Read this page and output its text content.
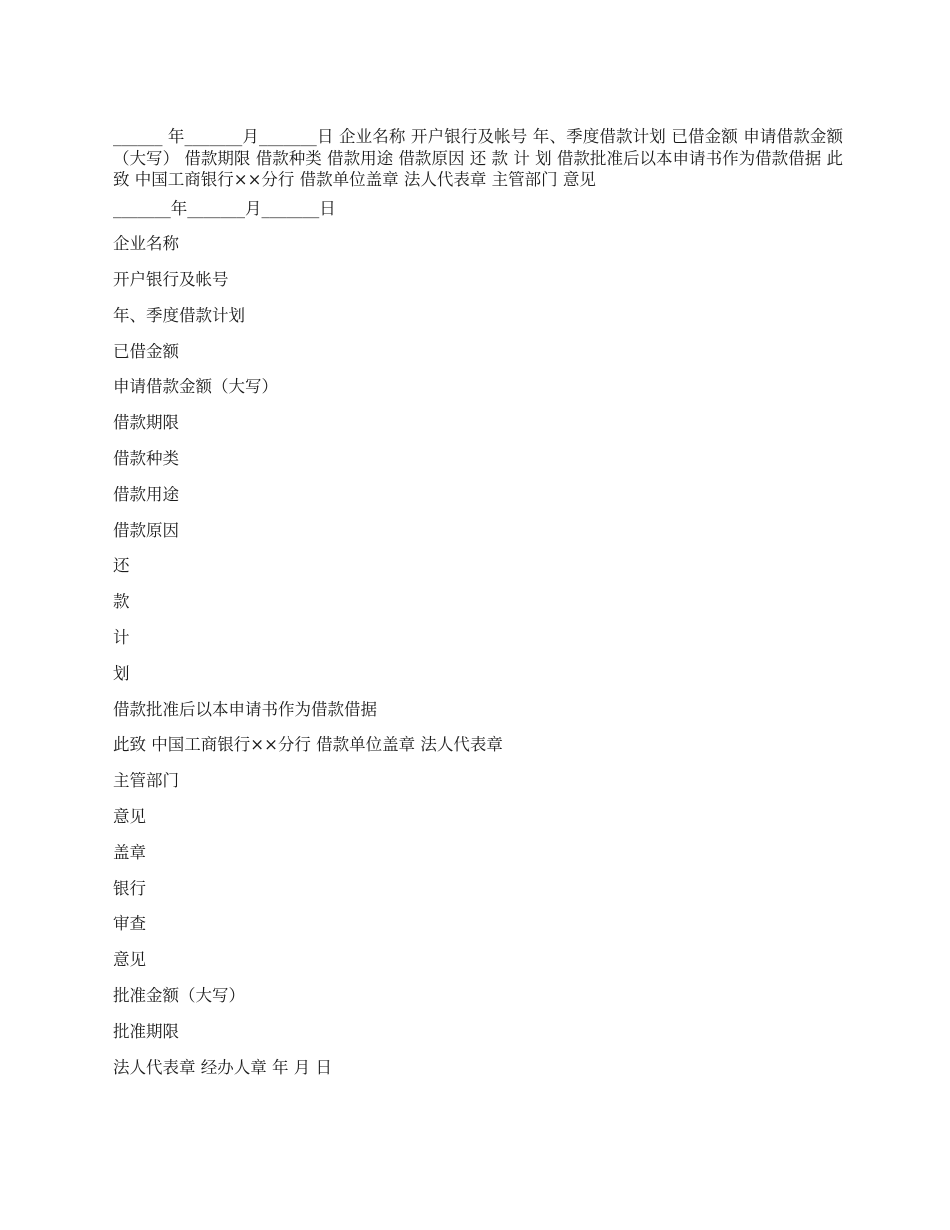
______ 年_______月_______日 企业名称 开户银行及帐号 年、季度借款计划 已借金额 申请借款金额（大写） 借款期限 借款种类 借款用途 借款原因 还 款 计 划 借款批准后以本申请书作为借款借据 此致 中国工商银行××分行 借款单位盖章 法人代表章 主管部门 意见

_______年_______月_______日
企业名称
开户银行及帐号
年、季度借款计划
已借金额
申请借款金额（大写）
借款期限
借款种类
借款用途
借款原因
还
款
计
划
借款批准后以本申请书作为借款借据
此致 中国工商银行××分行 借款单位盖章 法人代表章
主管部门
意见
盖章
银行
审查
意见
批准金额（大写）
批准期限
法人代表章 经办人章 年 月 日
